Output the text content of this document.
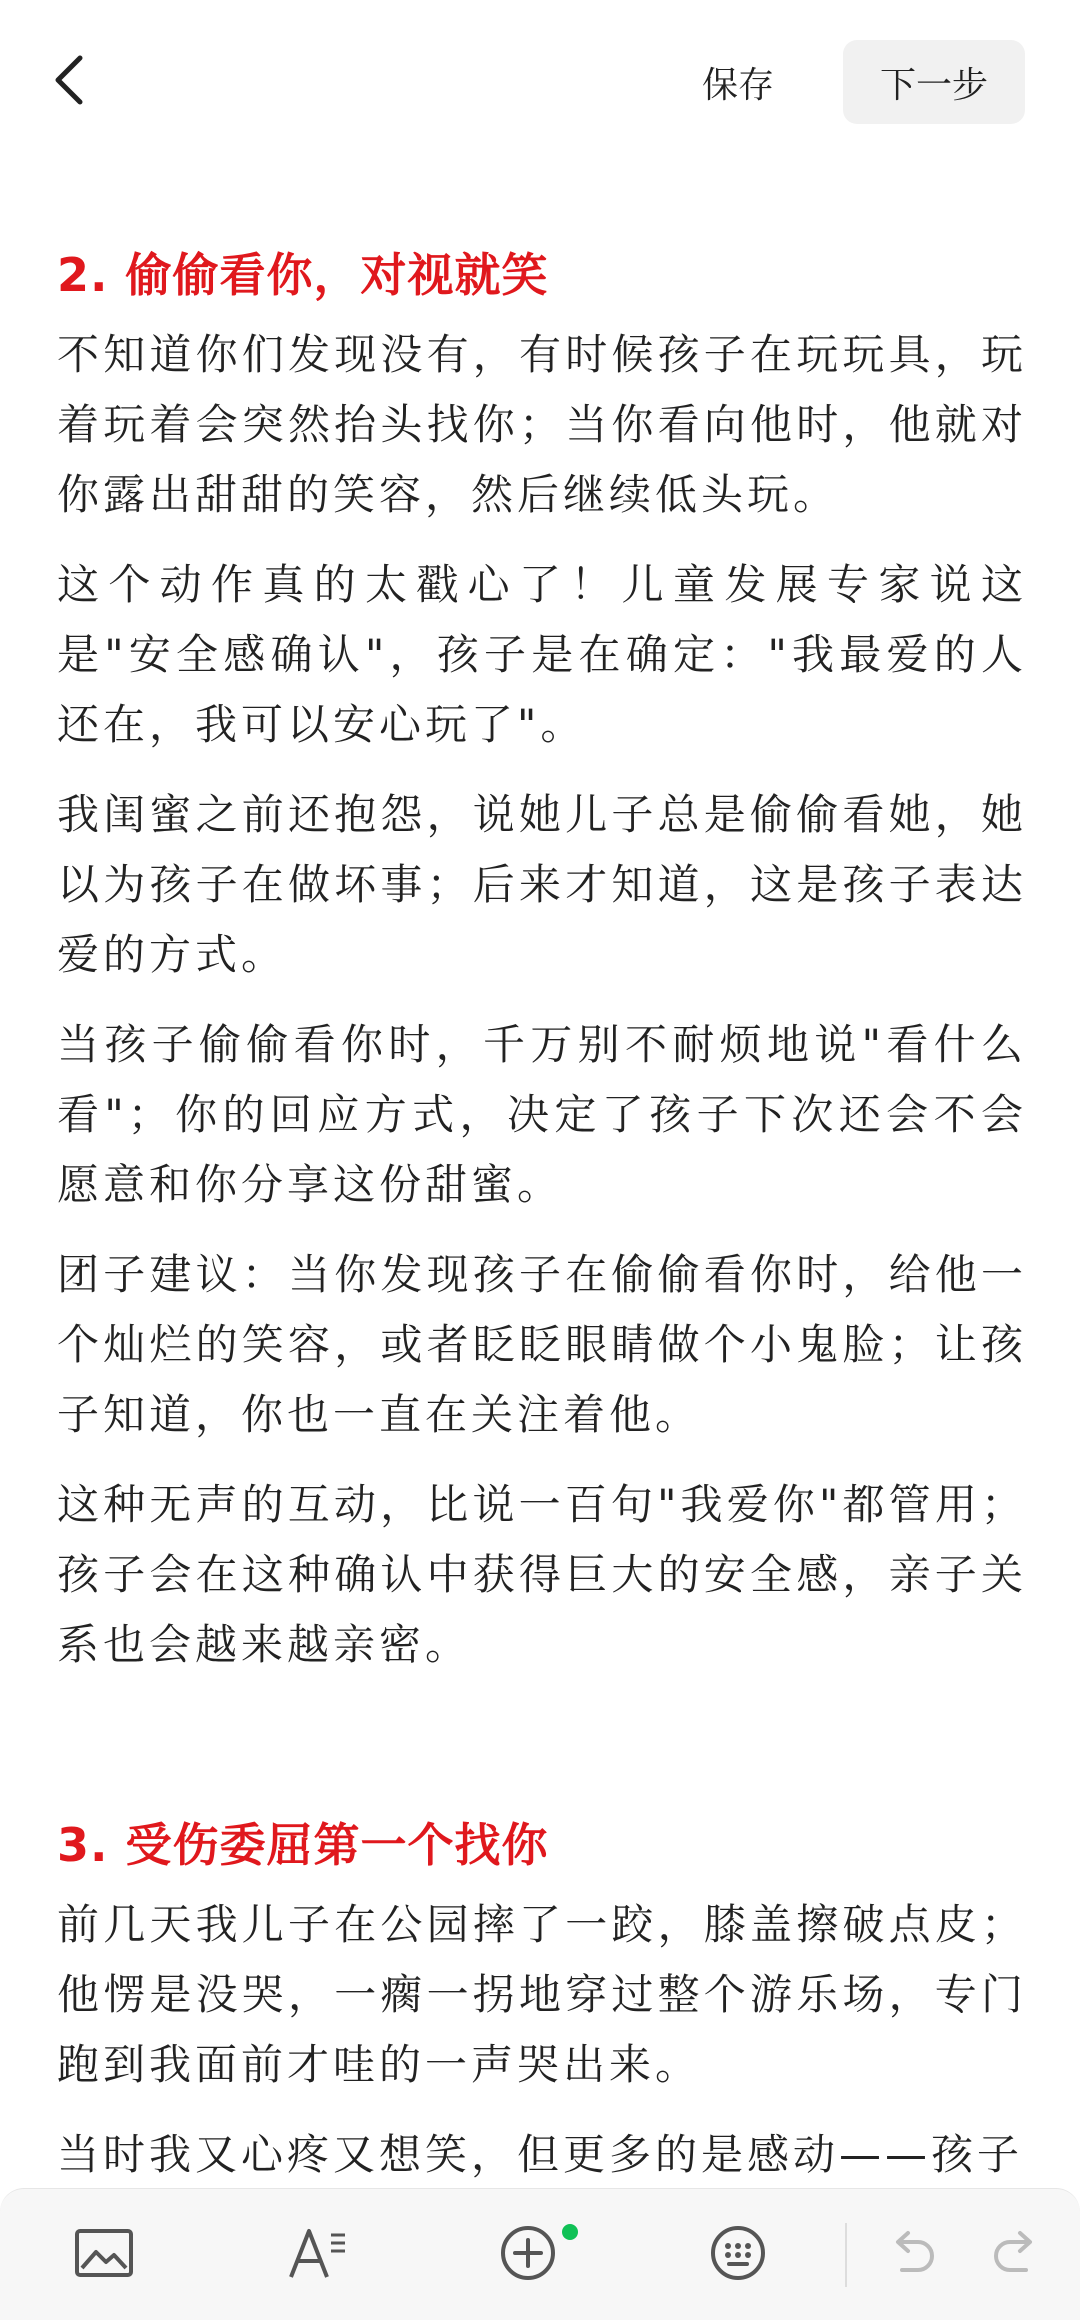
保存	下一步
2. 偷偷看你，对视就笑

不知道你们发现没有，有时候孩子在玩玩具，玩着玩着会突然抬头找你；当你看向他时，他就对你露出甜甜的笑容，然后继续低头玩。

这个动作真的太戳心了！儿童发展专家说这是"安全感确认"，孩子是在确定："我最爱的人还在，我可以安心玩了"。

我闺蜜之前还抱怨，说她儿子总是偷偷看她，她以为孩子在做坏事；后来才知道，这是孩子表达爱的方式。

当孩子偷偷看你时，千万别不耐烦地说"看什么看"；你的回应方式，决定了孩子下次还会不会愿意和你分享这份甜蜜。

团子建议：当你发现孩子在偷偷看你时，给他一个灿烂的笑容，或者眨眨眼睛做个小鬼脸；让孩子知道，你也一直在关注着他。

这种无声的互动，比说一百句"我爱你"都管用；孩子会在这种确认中获得巨大的安全感，亲子关系也会越来越亲密。

3. 受伤委屈第一个找你

前几天我儿子在公园摔了一跤，膝盖擦破点皮；他愣是没哭，一瘸一拐地穿过整个游乐场，专门跑到我面前才哇的一声哭出来。

当时我又心疼又想笑，但更多的是感动——孩子
